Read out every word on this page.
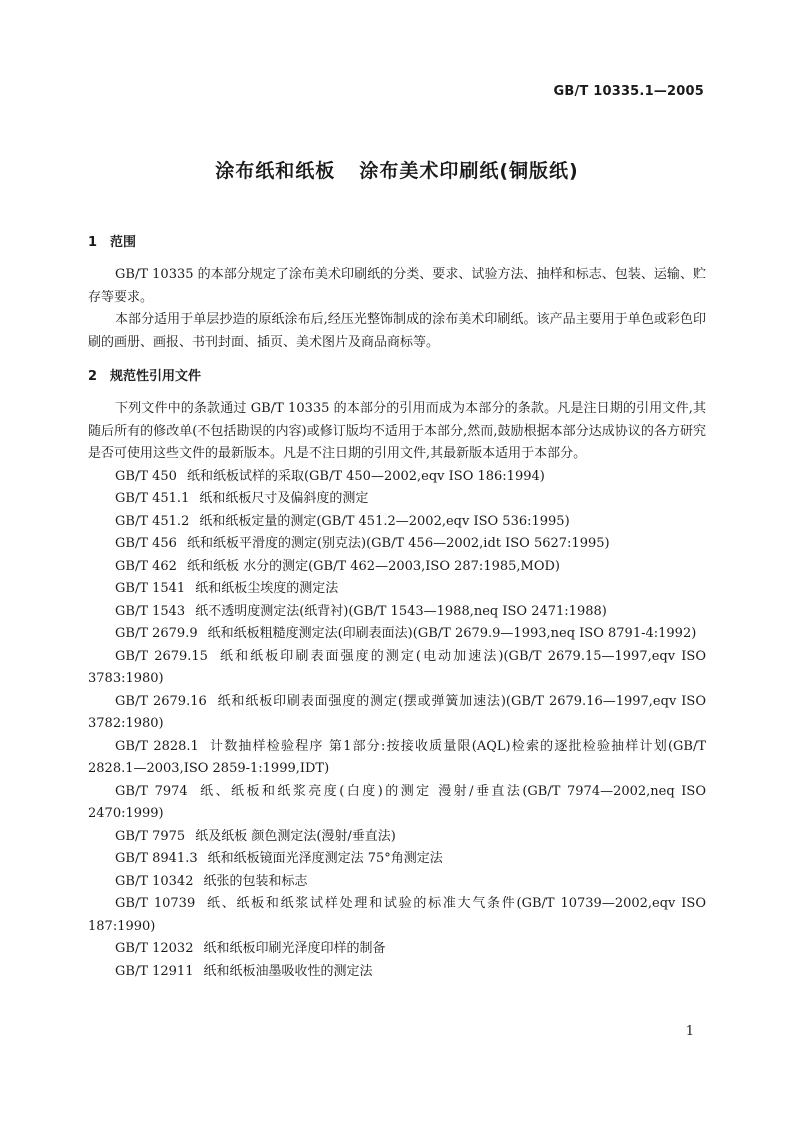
GB/T 10335.1—2005
涂布纸和纸板 涂布美术印刷纸(铜版纸)
1 范围

GB/T 10335 的本部分规定了涂布美术印刷纸的分类、要求、试验方法、抽样和标志、包装、运输、贮存等要求。

本部分适用于单层抄造的原纸涂布后,经压光整饰制成的涂布美术印刷纸。该产品主要用于单色或彩色印刷的画册、画报、书刊封面、插页、美术图片及商品商标等。

2 规范性引用文件

下列文件中的条款通过 GB/T 10335 的本部分的引用而成为本部分的条款。凡是注日期的引用文件,其随后所有的修改单(不包括勘误的内容)或修订版均不适用于本部分,然而,鼓励根据本部分达成协议的各方研究是否可使用这些文件的最新版本。凡是不注日期的引用文件,其最新版本适用于本部分。

GB/T 450 纸和纸板试样的采取(GB/T 450—2002,eqv ISO 186:1994)
GB/T 451.1 纸和纸板尺寸及偏斜度的测定
GB/T 451.2 纸和纸板定量的测定(GB/T 451.2—2002,eqv ISO 536:1995)
GB/T 456 纸和纸板平滑度的测定(别克法)(GB/T 456—2002,idt ISO 5627:1995)
GB/T 462 纸和纸板 水分的测定(GB/T 462—2003,ISO 287:1985,MOD)
GB/T 1541 纸和纸板尘埃度的测定法
GB/T 1543 纸不透明度测定法(纸背衬)(GB/T 1543—1988,neq ISO 2471:1988)
GB/T 2679.9 纸和纸板粗糙度测定法(印刷表面法)(GB/T 2679.9—1993,neq ISO 8791-4:1992)
GB/T 2679.15 纸和纸板印刷表面强度的测定(电动加速法)(GB/T 2679.15—1997,eqv ISO 3783:1980)
GB/T 2679.16 纸和纸板印刷表面强度的测定(摆或弹簧加速法)(GB/T 2679.16—1997,eqv ISO 3782:1980)
GB/T 2828.1 计数抽样检验程序 第1部分:按接收质量限(AQL)检索的逐批检验抽样计划(GB/T 2828.1—2003,ISO 2859-1:1999,IDT)
GB/T 7974 纸、纸板和纸浆亮度(白度)的测定 漫射/垂直法(GB/T 7974—2002,neq ISO 2470:1999)
GB/T 7975 纸及纸板 颜色测定法(漫射/垂直法)
GB/T 8941.3 纸和纸板镜面光泽度测定法 75°角测定法
GB/T 10342 纸张的包装和标志
GB/T 10739 纸、纸板和纸浆试样处理和试验的标准大气条件(GB/T 10739—2002,eqv ISO 187:1990)
GB/T 12032 纸和纸板印刷光泽度印样的制备
GB/T 12911 纸和纸板油墨吸收性的测定法
1
